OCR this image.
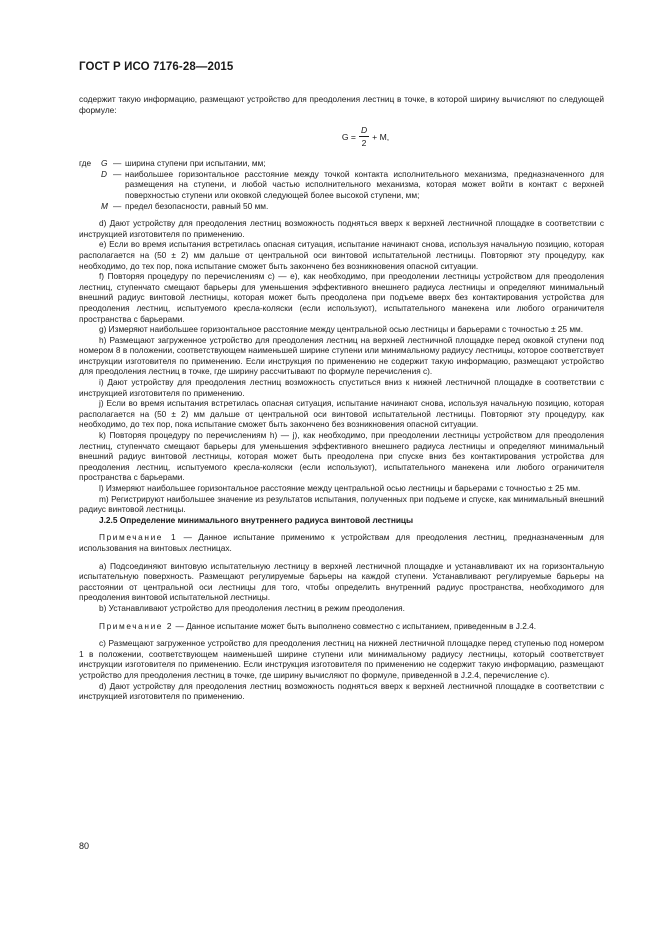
ГОСТ Р ИСО 7176-28—2015

содержит такую информацию, размещают устройство для преодоления лестниц в точке, в которой ширину вычисляют по следующей формуле:

$G = \frac{D}{2} + M$,
где	G — ширина ступени при испытании, мм;
D — наибольшее горизонтальное расстояние между точкой контакта исполнительного механизма, предназначенного для размещения на ступени, и любой частью исполнительного механизма, которая может войти в контакт с верхней поверхностью ступени или оковкой следующей более высокой ступени, мм;
M — предел безопасности, равный 50 мм.

d) Дают устройству для преодоления лестниц возможность подняться вверх к верхней лестничной площадке в соответствии с инструкцией изготовителя по применению.

e) Если во время испытания встретилась опасная ситуация, испытание начинают снова, используя начальную позицию, которая располагается на (50 ± 2) мм дальше от центральной оси винтовой испытательной лестницы. Повторяют эту процедуру, как необходимо, до тех пор, пока испытание сможет быть закончено без возникновения опасной ситуации.

f) Повторяя процедуру по перечислениям c) — e), как необходимо, при преодолении лестницы устройством для преодоления лестниц, ступенчато смещают барьеры для уменьшения эффективного внешнего радиуса лестницы и определяют минимальный внешний радиус винтовой лестницы, которая может быть преодолена при подъеме вверх без контактирования устройства для преодоления лестниц, испытуемого кресла-коляски (если используют), испытательного манекена или любого ограничителя пространства с барьерами.

g) Измеряют наибольшее горизонтальное расстояние между центральной осью лестницы и барьерами с точностью ± 25 мм.

h) Размещают загруженное устройство для преодоления лестниц на верхней лестничной площадке перед оковкой ступени под номером 8 в положении, соответствующем наименьшей ширине ступени или минимальному радиусу лестницы, которое соответствует инструкции изготовителя по применению. Если инструкция по применению не содержит такую информацию, размещают устройство для преодоления лестниц в точке, где ширину рассчитывают по формуле перечисления c).

i) Дают устройству для преодоления лестниц возможность спуститься вниз к нижней лестничной площадке в соответствии с инструкцией изготовителя по применению.

j) Если во время испытания встретилась опасная ситуация, испытание начинают снова, используя начальную позицию, которая располагается на (50 ± 2) мм дальше от центральной оси винтовой испытательной лестницы. Повторяют эту процедуру, как необходимо, до тех пор, пока испытание сможет быть закончено без возникновения опасной ситуации.

k) Повторяя процедуру по перечислениям h) — j), как необходимо, при преодолении лестницы устройством для преодоления лестниц, ступенчато смещают барьеры для уменьшения эффективного внешнего радиуса лестницы и определяют минимальный внешний радиус винтовой лестницы, которая может быть преодолена при спуске вниз без контактирования устройства для преодоления лестниц, испытуемого кресла-коляски (если используют), испытательного манекена или любого ограничителя пространства с барьерами.

l) Измеряют наибольшее горизонтальное расстояние между центральной осью лестницы и барьерами с точностью ± 25 мм.

m) Регистрируют наибольшее значение из результатов испытания, полученных при подъеме и спуске, как минимальный внешний радиус винтовой лестницы.

J.2.5 Определение минимального внутреннего радиуса винтовой лестницы

Примечание 1 — Данное испытание применимо к устройствам для преодоления лестниц, предназначенным для использования на винтовых лестницах.

a) Подсоединяют винтовую испытательную лестницу в верхней лестничной площадке и устанавливают их на горизонтальную испытательную поверхность. Размещают регулируемые барьеры на каждой ступени. Устанавливают регулируемые барьеры на расстоянии от центральной оси лестницы для того, чтобы определить внутренний радиус пространства, необходимого для преодоления винтовой испытательной лестницы.

b) Устанавливают устройство для преодоления лестниц в режим преодоления.

Примечание 2 — Данное испытание может быть выполнено совместно с испытанием, приведенным в J.2.4.

c) Размещают загруженное устройство для преодоления лестниц на нижней лестничной площадке перед ступенью под номером 1 в положении, соответствующем наименьшей ширине ступени или минимальному радиусу лестницы, который соответствует инструкции изготовителя по применению. Если инструкция изготовителя по применению не содержит такую информацию, размещают устройство для преодоления лестниц в точке, где ширину вычисляют по формуле, приведенной в J.2.4, перечисление c).

d) Дают устройству для преодоления лестниц возможность подняться вверх к верхней лестничной площадке в соответствии с инструкцией изготовителя по применению.

80
